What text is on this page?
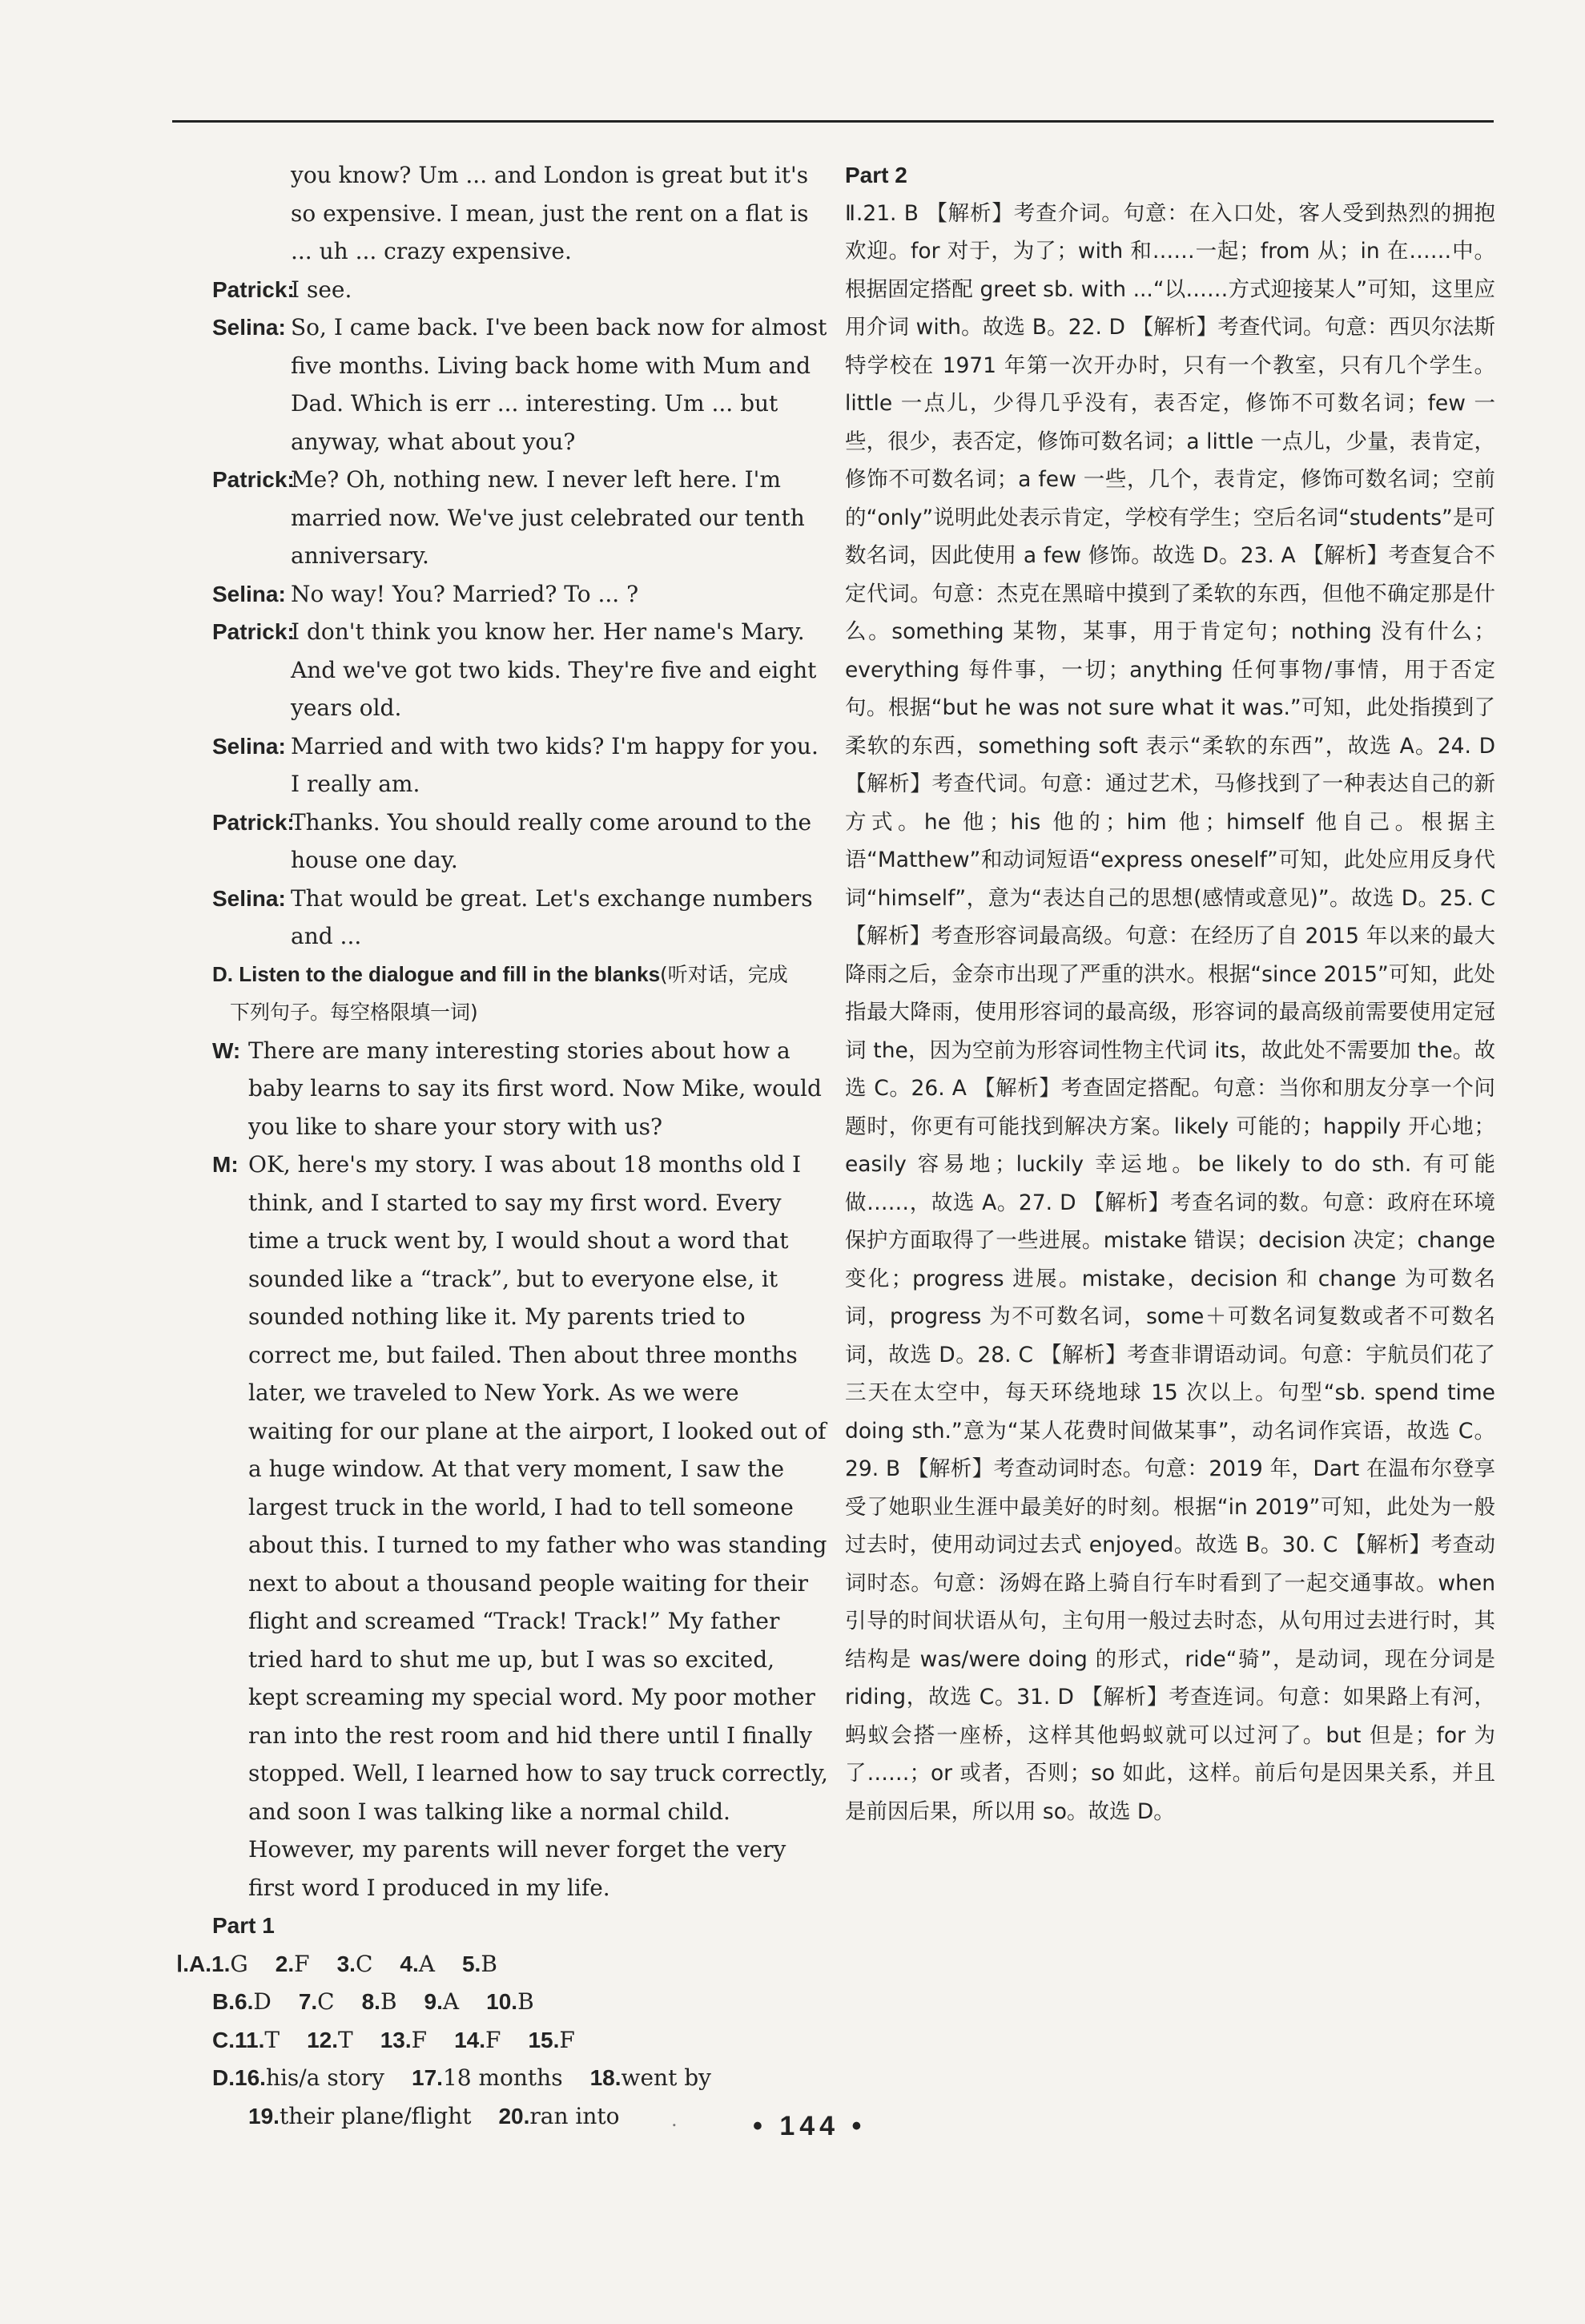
you know? Um ... and London is great but it's so expensive. I mean, just the rent on a flat is ... uh ... crazy expensive.

Patrick:
I see.

Selina: So, I came back. I've been back now for almost five months. Living back home with Mum and Dad. Which is err ... interesting. Um ... but anyway, what about you?

Patrick:
Me? Oh, nothing new. I never left here. I'm married now. We've just celebrated our tenth anniversary.

Selina: No way! You? Married? To ... ?

Patrick:
I don't think you know her. Her name's Mary. And we've got two kids. They're five and eight years old.

Selina: Married and with two kids? I'm happy for you. I really am.

Patrick:
Thanks. You should really come around to the house one day.

Selina: That would be great. Let's exchange numbers and ...

D. Listen to the dialogue and fill in the blanks(听对话，完成

下列句子。每空格限填一词)

W: There are many interesting stories about how a baby learns to say its first word. Now Mike, would you like to share your story with us?

M: OK, here's my story. I was about 18 months old I think, and I started to say my first word. Every time a truck went by, I would shout a word that sounded like a “track”, but to everyone else, it sounded nothing like it. My parents tried to correct me, but failed. Then about three months later, we traveled to New York. As we were waiting for our plane at the airport, I looked out of a huge window. At that very moment, I saw the largest truck in the world, I had to tell someone about this. I turned to my father who was standing next to about a thousand people waiting for their flight and screamed “Track! Track!” My father tried hard to shut me up, but I was so excited, kept screaming my special word. My poor mother ran into the rest room and hid there until I finally stopped. Well, I learned how to say truck correctly, and soon I was talking like a normal child. However, my parents will never forget the very first word I produced in my life.

Part 1

Ⅰ.A.1.G 2.F 3.C 4.A 5.B
B.6.D 7.C 8.B 9.A 10.B
C.11.T 12.T 13.F 14.F 15.F
D.16.his/a story 17.18 months 18.went by
19.their plane/flight 20.ran into

Part 2

Ⅱ.21. B 【解析】考查介词。句意：在入口处，客人受到热烈的拥抱欢迎。for 对于，为了；with 和……一起；from 从；in 在……中。根据固定搭配 greet sb. with ...“以……方式迎接某人”可知，这里应用介词 with。故选 B。22. D 【解析】考查代词。句意：西贝尔法斯特学校在 1971 年第一次开办时，只有一个教室，只有几个学生。little 一点儿，少得几乎没有，表否定，修饰不可数名词；few 一些，很少，表否定，修饰可数名词；a little 一点儿，少量，表肯定，修饰不可数名词；a few 一些，几个，表肯定，修饰可数名词；空前的“only”说明此处表示肯定，学校有学生；空后名词“students”是可数名词，因此使用 a few 修饰。故选 D。23. A 【解析】考查复合不定代词。句意：杰克在黑暗中摸到了柔软的东西，但他不确定那是什么。something 某物，某事，用于肯定句；nothing 没有什么；everything 每件事，一切；anything 任何事物/事情，用于否定句。根据“but he was not sure what it was.”可知，此处指摸到了柔软的东西，something soft 表示“柔软的东西”，故选 A。24. D 【解析】考查代词。句意：通过艺术，马修找到了一种表达自己的新方式。he 他；his 他的；him 他；himself 他自己。根据主语“Matthew”和动词短语“express oneself”可知，此处应用反身代词“himself”，意为“表达自己的思想(感情或意见)”。故选 D。25. C 【解析】考查形容词最高级。句意：在经历了自 2015 年以来的最大降雨之后，金奈市出现了严重的洪水。根据“since 2015”可知，此处指最大降雨，使用形容词的最高级，形容词的最高级前需要使用定冠词 the，因为空前为形容词性物主代词 its，故此处不需要加 the。故选 C。26. A 【解析】考查固定搭配。句意：当你和朋友分享一个问题时，你更有可能找到解决方案。likely 可能的；happily 开心地；easily 容易地；luckily 幸运地。be likely to do sth. 有可能做……，故选 A。27. D 【解析】考查名词的数。句意：政府在环境保护方面取得了一些进展。mistake 错误；decision 决定；change 变化；progress 进展。mistake，decision 和 change 为可数名词，progress 为不可数名词，some＋可数名词复数或者不可数名词，故选 D。28. C 【解析】考查非谓语动词。句意：宇航员们花了三天在太空中，每天环绕地球 15 次以上。句型“sb. spend time doing sth.”意为“某人花费时间做某事”，动名词作宾语，故选 C。29. B 【解析】考查动词时态。句意：2019 年，Dart 在温布尔登享受了她职业生涯中最美好的时刻。根据“in 2019”可知，此处为一般过去时，使用动词过去式 enjoyed。故选 B。30. C 【解析】考查动词时态。句意：汤姆在路上骑自行车时看到了一起交通事故。when 引导的时间状语从句，主句用一般过去时态，从句用过去进行时，其结构是 was/were doing 的形式，ride“骑”，是动词，现在分词是 riding，故选 C。31. D 【解析】考查连词。句意：如果路上有河，蚂蚁会搭一座桥，这样其他蚂蚁就可以过河了。but 但是；for 为了……；or 或者，否则；so 如此，这样。前后句是因果关系，并且是前因后果，所以用 so。故选 D。

.	• 144 •
